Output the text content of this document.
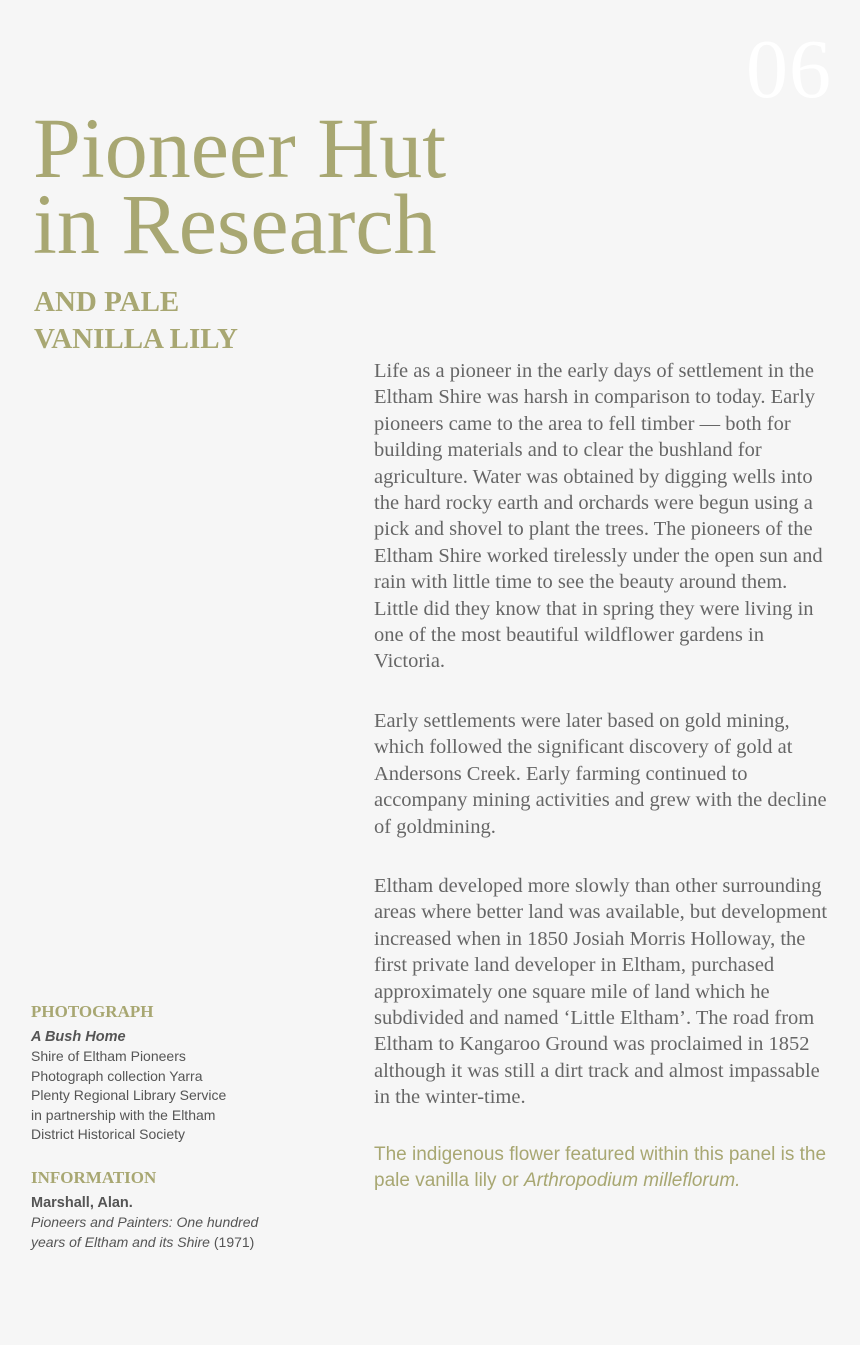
06
Pioneer Hut
in Research
AND PALE
VANILLA LILY

Life as a pioneer in the early days of settlement in the Eltham Shire was harsh in comparison to today. Early pioneers came to the area to fell timber — both for building materials and to clear the bushland for agriculture. Water was obtained by digging wells into the hard rocky earth and orchards were begun using a pick and shovel to plant the trees. The pioneers of the Eltham Shire worked tirelessly under the open sun and rain with little time to see the beauty around them. Little did they know that in spring they were living in one of the most beautiful wildflower gardens in Victoria.

Early settlements were later based on gold mining, which followed the significant discovery of gold at Andersons Creek. Early farming continued to accompany mining activities and grew with the decline of goldmining.

Eltham developed more slowly than other surrounding areas where better land was available, but development increased when in 1850 Josiah Morris Holloway, the first private land developer in Eltham, purchased approximately one square mile of land which he subdivided and named ‘Little Eltham’. The road from Eltham to Kangaroo Ground was proclaimed in 1852 although it was still a dirt track and almost impassable in the winter-time.

The indigenous flower featured within this panel is the pale vanilla lily or Arthropodium milleflorum.

PHOTOGRAPH

A Bush Home

Shire of Eltham Pioneers

Photograph collection Yarra

Plenty Regional Library Service

in partnership with the Eltham

District Historical Society

INFORMATION

Marshall, Alan.

Pioneers and Painters: One hundred

years of Eltham and its Shire (1971)
